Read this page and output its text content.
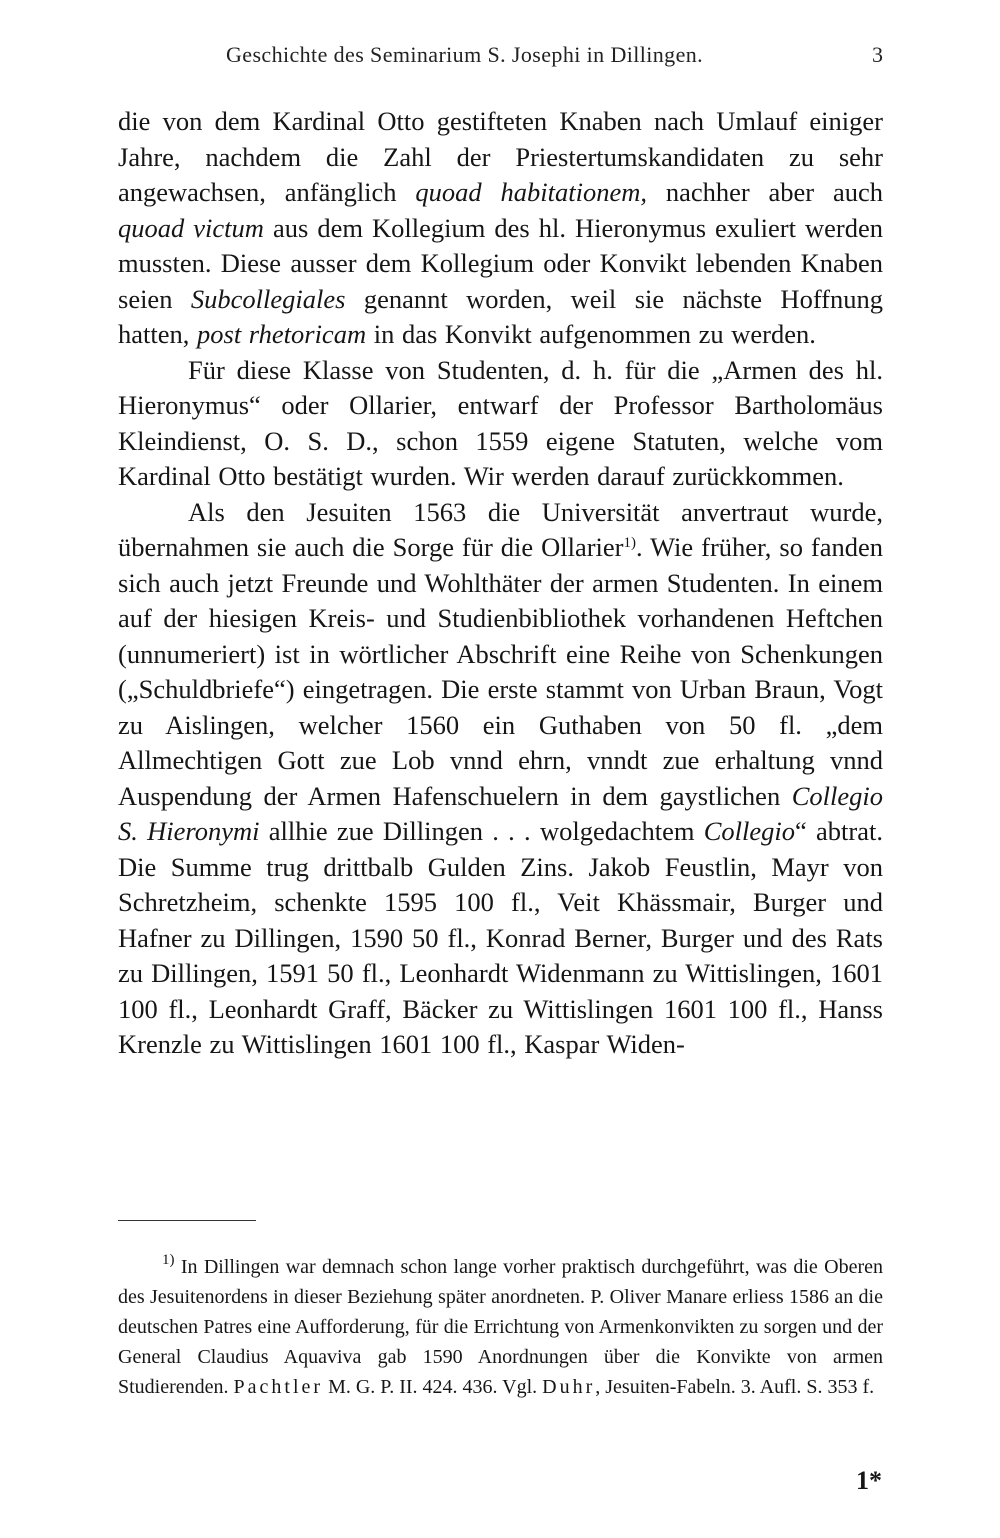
Geschichte des Seminarium S. Josephi in Dillingen.	3

die von dem Kardinal Otto gestifteten Knaben nach Umlauf einiger Jahre, nachdem die Zahl der Priestertumskandidaten zu sehr angewachsen, anfänglich quoad habitationem, nachher aber auch quoad victum aus dem Kollegium des hl. Hieronymus exuliert werden mussten. Diese ausser dem Kollegium oder Konvikt lebenden Knaben seien Subcollegiales genannt worden, weil sie nächste Hoffnung hatten, post rhetoricam in das Konvikt aufgenommen zu werden.

Für diese Klasse von Studenten, d. h. für die „Armen des hl. Hieronymus“ oder Ollarier, entwarf der Professor Bartholomäus Kleindienst, O. S. D., schon 1559 eigene Statuten, welche vom Kardinal Otto bestätigt wurden. Wir werden darauf zurückkommen.

Als den Jesuiten 1563 die Universität anvertraut wurde, übernahmen sie auch die Sorge für die Ollarier$^{1)}$. Wie früher, so fanden sich auch jetzt Freunde und Wohlthäter der armen Studenten. In einem auf der hiesigen Kreis- und Studienbibliothek vorhandenen Heftchen (unnumeriert) ist in wörtlicher Abschrift eine Reihe von Schenkungen („Schuldbriefe“) eingetragen. Die erste stammt von Urban Braun, Vogt zu Aislingen, welcher 1560 ein Guthaben von 50 fl. „dem Allmechtigen Gott zue Lob vnnd ehrn, vnndt zue erhaltung vnnd Auspendung der Armen Hafenschuelern in dem gaystlichen Collegio S. Hieronymi allhie zue Dillingen . . . wolgedachtem Collegio“ abtrat. Die Summe trug drittbalb Gulden Zins. Jakob Feustlin, Mayr von Schretzheim, schenkte 1595 100 fl., Veit Khässmair, Burger und Hafner zu Dillingen, 1590 50 fl., Konrad Berner, Burger und des Rats zu Dillingen, 1591 50 fl., Leonhardt Widenmann zu Wittislingen, 1601 100 fl., Leonhardt Graff, Bäcker zu Wittislingen 1601 100 fl., Hanss Krenzle zu Wittislingen 1601 100 fl., Kaspar Widen-

$^{1)}$ In Dillingen war demnach schon lange vorher praktisch durchgeführt, was die Oberen des Jesuitenordens in dieser Beziehung später anordneten. P. Oliver Manare erliess 1586 an die deutschen Patres eine Aufforderung, für die Errichtung von Armenkonvikten zu sorgen und der General Claudius Aquaviva gab 1590 Anordnungen über die Konvikte von armen Studierenden. Pachtler M. G. P. II. 424. 436. Vgl. Duhr, Jesuiten-Fabeln. 3. Aufl. S. 353 f.

1*
